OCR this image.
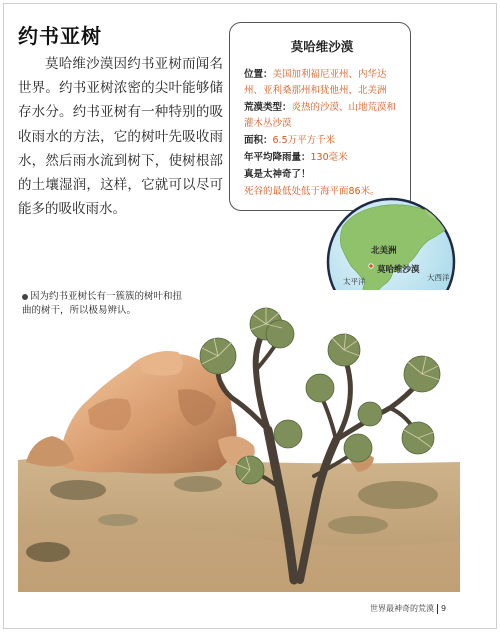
约书亚树

莫哈维沙漠因约书亚树而闻名世界。约书亚树浓密的尖叶能够储存水分。约书亚树有一种特别的吸收雨水的方法，它的树叶先吸收雨水，然后雨水流到树下，使树根部的土壤湿润，这样，它就可以尽可能多的吸收雨水。

莫哈维沙漠
位置：美国加利福尼亚州、内华达州、亚利桑那州和犹他州，北美洲
荒漠类型：炎热的沙漠、山地荒漠和灌木丛沙漠
面积：6.5万平方千米
年平均降雨量：130毫米
真是太神奇了！
死谷的最低处低于海平面86米。
北美洲
莫哈维沙漠
太平洋	大西洋
因为约书亚树长有一簇簇的树叶和扭曲的树干，所以极易辨认。
世界最神奇的荒漠 9
